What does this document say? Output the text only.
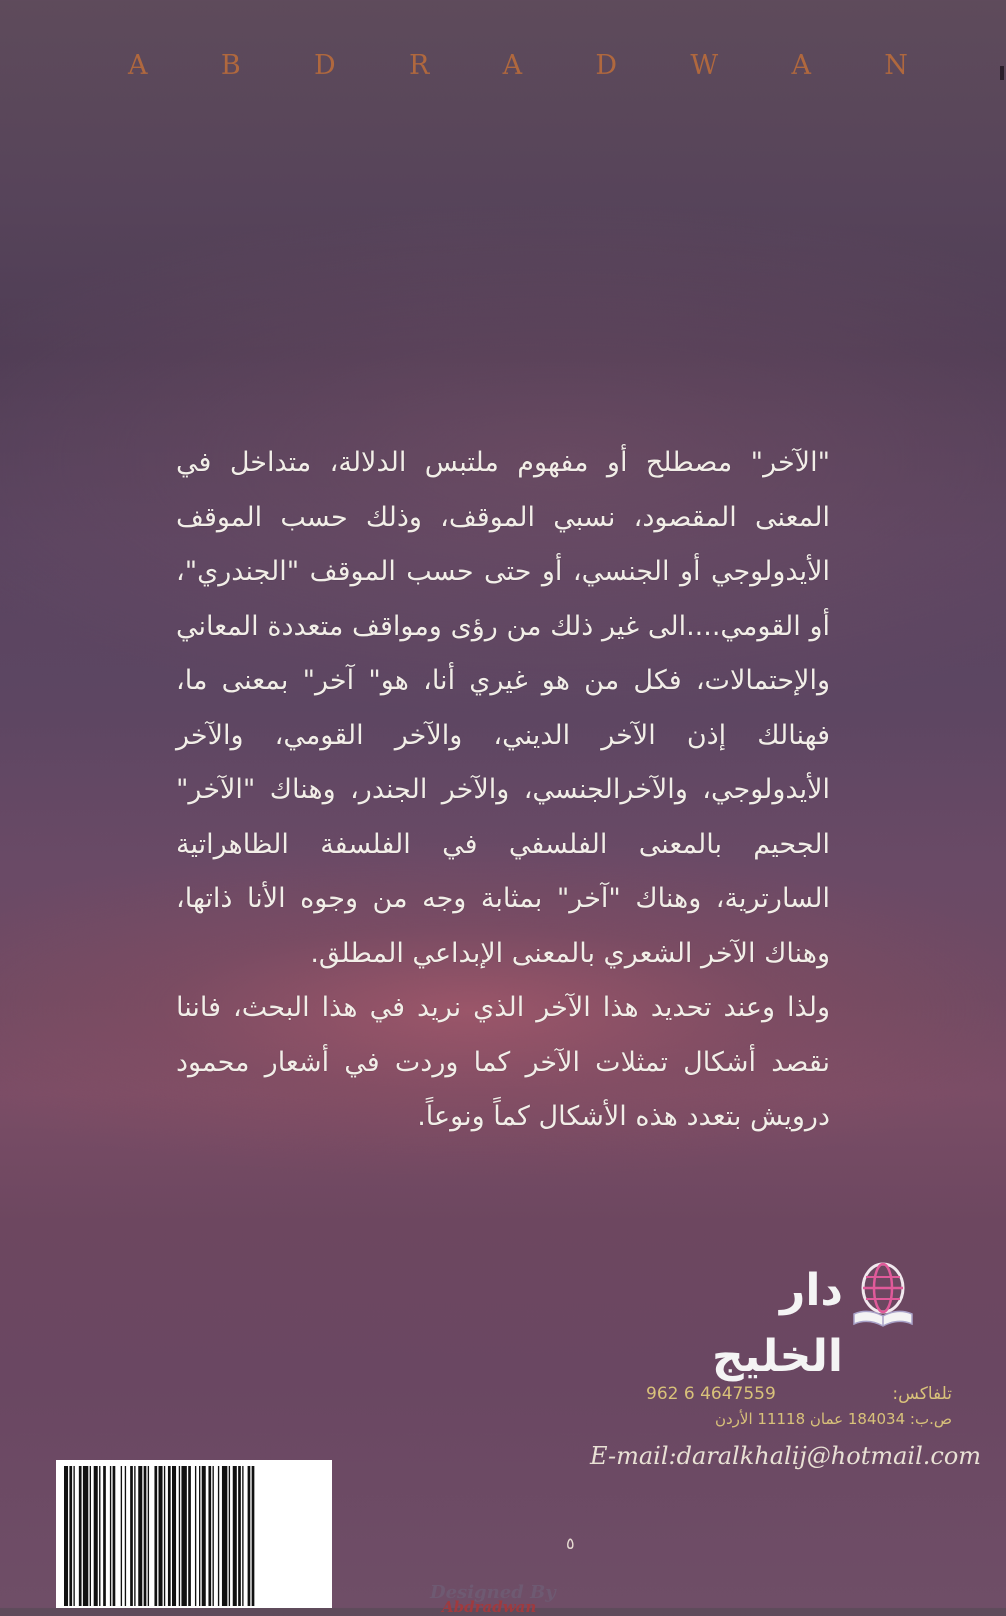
A	B	D	R	A	D	W	A	N

"الآخر" مصطلح أو مفهوم ملتبس الدلالة، متداخل في المعنى المقصود، نسبي الموقف، وذلك حسب الموقف الأيدولوجي أو الجنسي، أو حتى حسب الموقف "الجندري"، أو القومي....الى غير ذلك من رؤى ومواقف متعددة المعاني والإحتمالات، فكل من هو غيري أنا، هو" آخر" بمعنى ما، فهنالك إذن الآخر الديني، والآخر القومي، والآخر الأيدولوجي، والآخرالجنسي، والآخر الجندر، وهناك "الآخر" الجحيم بالمعنى الفلسفي في الفلسفة الظاهراتية السارترية، وهناك "آخر" بمثابة وجه من وجوه الأنا ذاتها، وهناك الآخر الشعري بالمعنى الإبداعي المطلق.

ولذا وعند تحديد هذا الآخر الذي نريد في هذا البحث، فاننا نقصد أشكال تمثلات الآخر كما وردت في أشعار محمود درويش بتعدد هذه الأشكال كماً ونوعاً.

دار الخليج
962 6 4647559	تلفاكس:
ص.ب: 184034 عمان 11118 الأردن
E-mail:daralkhalij@hotmail.com
٥
Designed By
Abdradwan
